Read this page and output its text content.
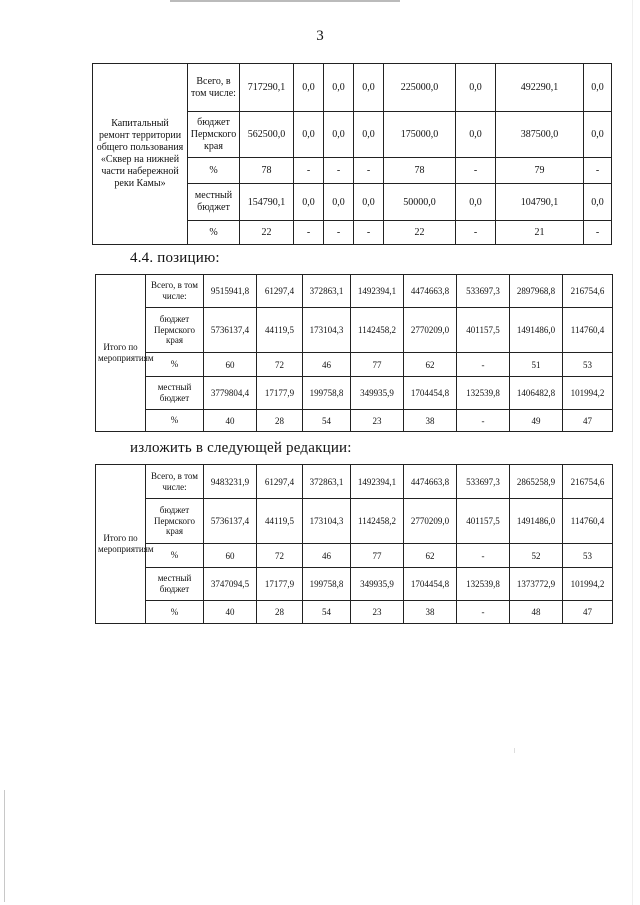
3
Капитальный ремонт территории общего пользования «Сквер на нижней части набережной реки Камы»	Всего, в том числе:	717290,1	0,0	0,0	0,0	225000,0	0,0	492290,1	0,0
	бюджет Пермского края	562500,0	0,0	0,0	0,0	175000,0	0,0	387500,0	0,0
	%	78	-	-	-	78	-	79	-
	местный бюджет	154790,1	0,0	0,0	0,0	50000,0	0,0	104790,1	0,0
	%	22	-	-	-	22	-	21	-
4.4. позицию:
Итого по мероприятиям	Всего, в том числе:	9515941,8	61297,4	372863,1	1492394,1	4474663,8	533697,3	2897968,8	216754,6
	бюджет Пермского края	5736137,4	44119,5	173104,3	1142458,2	2770209,0	401157,5	1491486,0	114760,4
	%	60	72	46	77	62	-	51	53
	местный бюджет	3779804,4	17177,9	199758,8	349935,9	1704454,8	132539,8	1406482,8	101994,2
	%	40	28	54	23	38	-	49	47
изложить в следующей редакции:
Итого по мероприятиям	Всего, в том числе:	9483231,9	61297,4	372863,1	1492394,1	4474663,8	533697,3	2865258,9	216754,6
	бюджет Пермского края	5736137,4	44119,5	173104,3	1142458,2	2770209,0	401157,5	1491486,0	114760,4
	%	60	72	46	77	62	-	52	53
	местный бюджет	3747094,5	17177,9	199758,8	349935,9	1704454,8	132539,8	1373772,9	101994,2
	%	40	28	54	23	38	-	48	47
